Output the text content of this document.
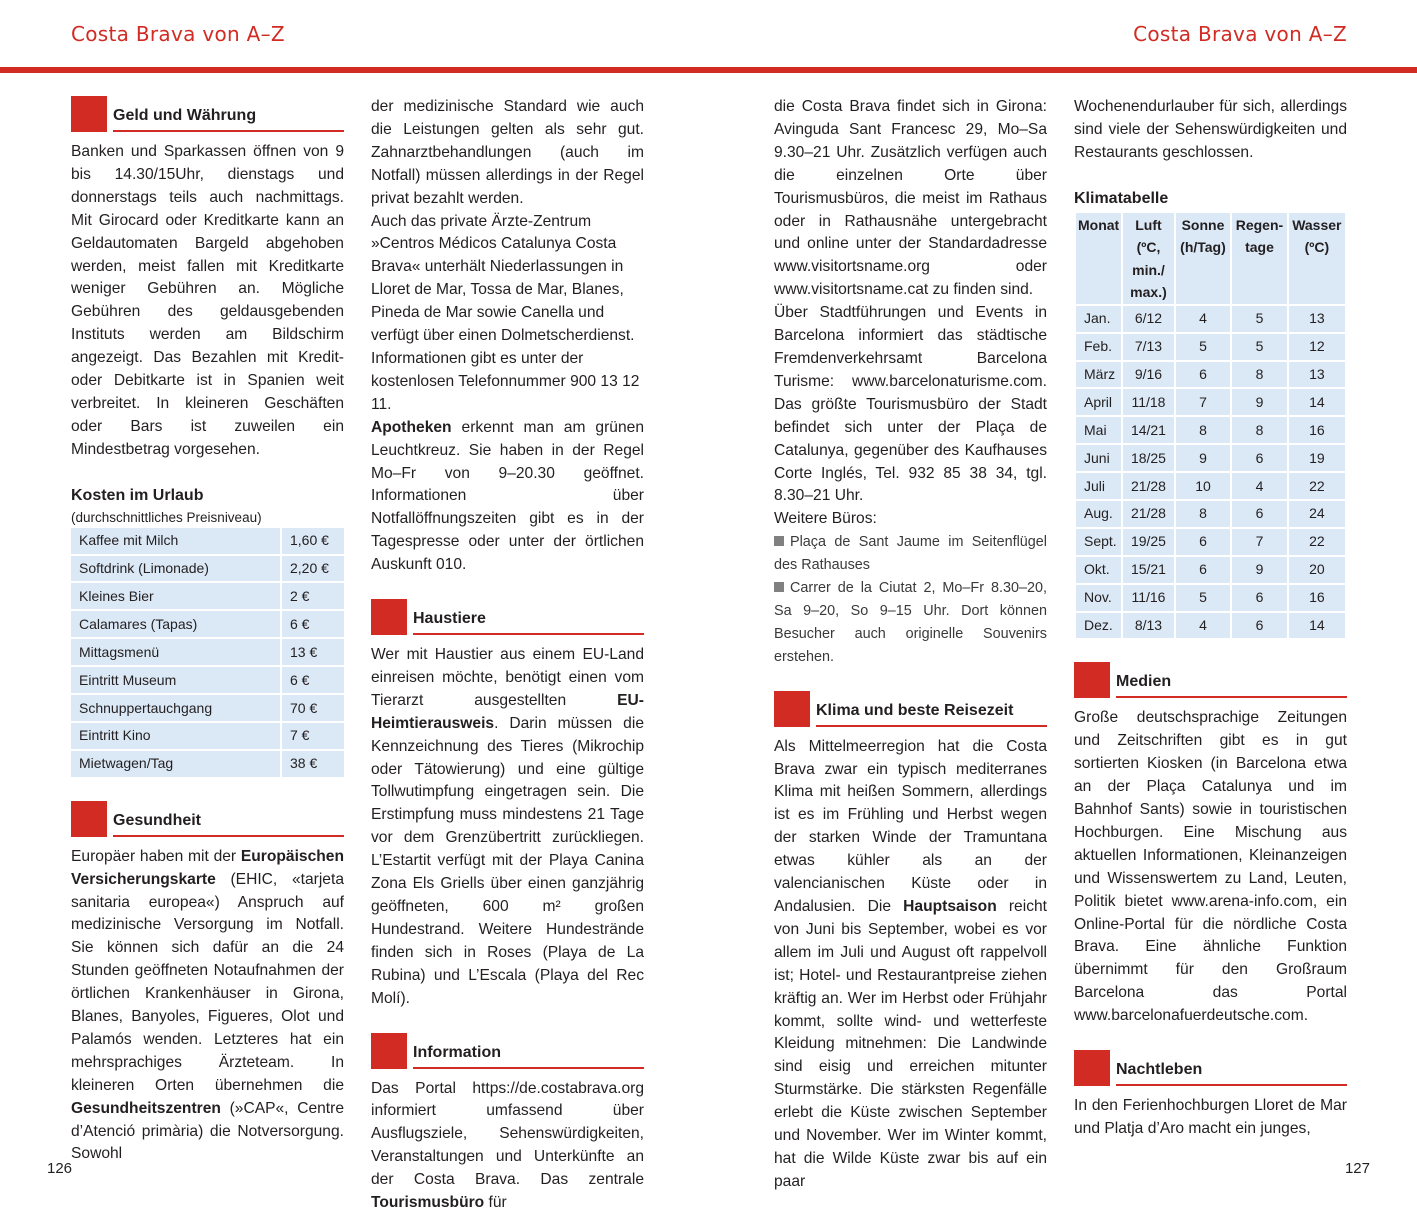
Costa Brava von A–Z	Costa Brava von A–Z
Geld und Währung

Banken und Sparkassen öffnen von 9 bis 14.30/15Uhr, dienstags und donnerstags teils auch nachmittags. Mit Girocard oder Kreditkarte kann an Geldautomaten Bargeld abgehoben werden, meist fallen mit Kreditkarte weniger Gebühren an. Mögliche Gebühren des geldausgebenden Instituts werden am Bildschirm angezeigt. Das Bezahlen mit Kredit- oder Debitkarte ist in Spanien weit verbreitet. In kleineren Geschäften oder Bars ist zuweilen ein Mindestbetrag vorgesehen.

Kosten im Urlaub

(durchschnittliches Preisniveau)

Kaffee mit Milch	1,60 €
Softdrink (Limonade)	2,20 €
Kleines Bier	2 €
Calamares (Tapas)	6 €
Mittagsmenü	13 €
Eintritt Museum	6 €
Schnuppertauchgang	70 €
Eintritt Kino	7 €
Mietwagen/Tag	38 €
Gesundheit

Europäer haben mit der Europäischen Versicherungskarte (EHIC, «tarjeta sanitaria europea«) Anspruch auf medizinische Versorgung im Notfall. Sie können sich dafür an die 24 Stunden geöffneten Notaufnahmen der örtlichen Krankenhäuser in Girona, Blanes, Banyoles, Figueres, Olot und Palamós wenden. Letzteres hat ein mehrsprachiges Ärzteteam. In kleineren Orten übernehmen die Gesundheitszentren (»CAP«, Centre d’Atenció primària) die Notversorgung. Sowohl

der medizinische Standard wie auch die Leistungen gelten als sehr gut. Zahnarztbehandlungen (auch im Notfall) müssen allerdings in der Regel privat bezahlt werden.

Auch das private Ärzte-Zentrum »Centros Médicos Catalunya Costa Brava« unterhält Niederlassungen in Lloret de Mar, Tossa de Mar, Blanes, Pineda de Mar sowie Canella und verfügt über einen Dolmetscherdienst. Informationen gibt es unter der kostenlosen Telefonnummer 900 13 12 11.

Apotheken erkennt man am grünen Leuchtkreuz. Sie haben in der Regel Mo–Fr von 9–20.30 geöffnet. Informationen über Notfallöffnungszeiten gibt es in der Tagespresse oder unter der örtlichen Auskunft 010.

Haustiere

Wer mit Haustier aus einem EU-Land einreisen möchte, benötigt einen vom Tierarzt ausgestellten EU-Heimtierausweis. Darin müssen die Kennzeichnung des Tieres (Mikrochip oder Tätowierung) und eine gültige Tollwutimpfung eingetragen sein. Die Erstimpfung muss mindestens 21 Tage vor dem Grenzübertritt zurückliegen. L’Estartit verfügt mit der Playa Canina Zona Els Griells über einen ganzjährig geöffneten, 600 m² großen Hundestrand. Weitere Hundestrände finden sich in Roses (Playa de La Rubina) und L’Escala (Playa del Rec Molí).

Information

Das Portal https://de.costabrava.org informiert umfassend über Ausflugsziele, Sehenswürdigkeiten, Veranstaltungen und Unterkünfte an der Costa Brava. Das zentrale Tourismusbüro für

die Costa Brava findet sich in Girona: Avinguda Sant Francesc 29, Mo–Sa 9.30–21 Uhr. Zusätzlich verfügen auch die einzelnen Orte über Tourismusbüros, die meist im Rathaus oder in Rathausnähe untergebracht und online unter der Standardadresse www.visitortsname.org oder www.visitortsname.cat zu finden sind.

Über Stadtführungen und Events in Barcelona informiert das städtische Fremdenverkehrsamt Barcelona Turisme: www.barcelonaturisme.com. Das größte Tourismusbüro der Stadt befindet sich unter der Plaça de Catalunya, gegenüber des Kaufhauses Corte Inglés, Tel. 932 85 38 34, tgl. 8.30–21 Uhr.

Weitere Büros:

Plaça de Sant Jaume im Seitenflügel des Rathauses

Carrer de la Ciutat 2, Mo–Fr 8.30–20, Sa 9–20, So 9–15 Uhr. Dort können Besucher auch originelle Souvenirs erstehen.

Klima und beste Reisezeit

Als Mittelmeerregion hat die Costa Brava zwar ein typisch mediterranes Klima mit heißen Sommern, allerdings ist es im Frühling und Herbst wegen der starken Winde der Tramuntana etwas kühler als an der valencianischen Küste oder in Andalusien. Die Hauptsaison reicht von Juni bis September, wobei es vor allem im Juli und August oft rappelvoll ist; Hotel- und Restaurantpreise ziehen kräftig an. Wer im Herbst oder Frühjahr kommt, sollte wind- und wetterfeste Kleidung mitnehmen: Die Landwinde sind eisig und erreichen mitunter Sturmstärke. Die stärksten Regenfälle erlebt die Küste zwischen September und November. Wer im Winter kommt, hat die Wilde Küste zwar bis auf ein paar

Wochenendurlauber für sich, allerdings sind viele der Sehenswürdigkeiten und Restaurants geschlossen.

Klimatabelle

Monat	Luft (ºC, min./ max.)	Sonne (h/Tag)	Regen-tage	Wasser (ºC)
Jan.	6/12	4	5	13
Feb.	7/13	5	5	12
März	9/16	6	8	13
April	11/18	7	9	14
Mai	14/21	8	8	16
Juni	18/25	9	6	19
Juli	21/28	10	4	22
Aug.	21/28	8	6	24
Sept.	19/25	6	7	22
Okt.	15/21	6	9	20
Nov.	11/16	5	6	16
Dez.	8/13	4	6	14
Medien

Große deutschsprachige Zeitungen und Zeitschriften gibt es in gut sortierten Kiosken (in Barcelona etwa an der Plaça Catalunya und im Bahnhof Sants) sowie in touristischen Hochburgen. Eine Mischung aus aktuellen Informationen, Kleinanzeigen und Wissenswertem zu Land, Leuten, Politik bietet www.arena-info.com, ein Online-Portal für die nördliche Costa Brava. Eine ähnliche Funktion übernimmt für den Großraum Barcelona das Portal www.barcelonafuerdeutsche.com.

Nachtleben

In den Ferienhochburgen Lloret de Mar und Platja d’Aro macht ein junges,

126	127
